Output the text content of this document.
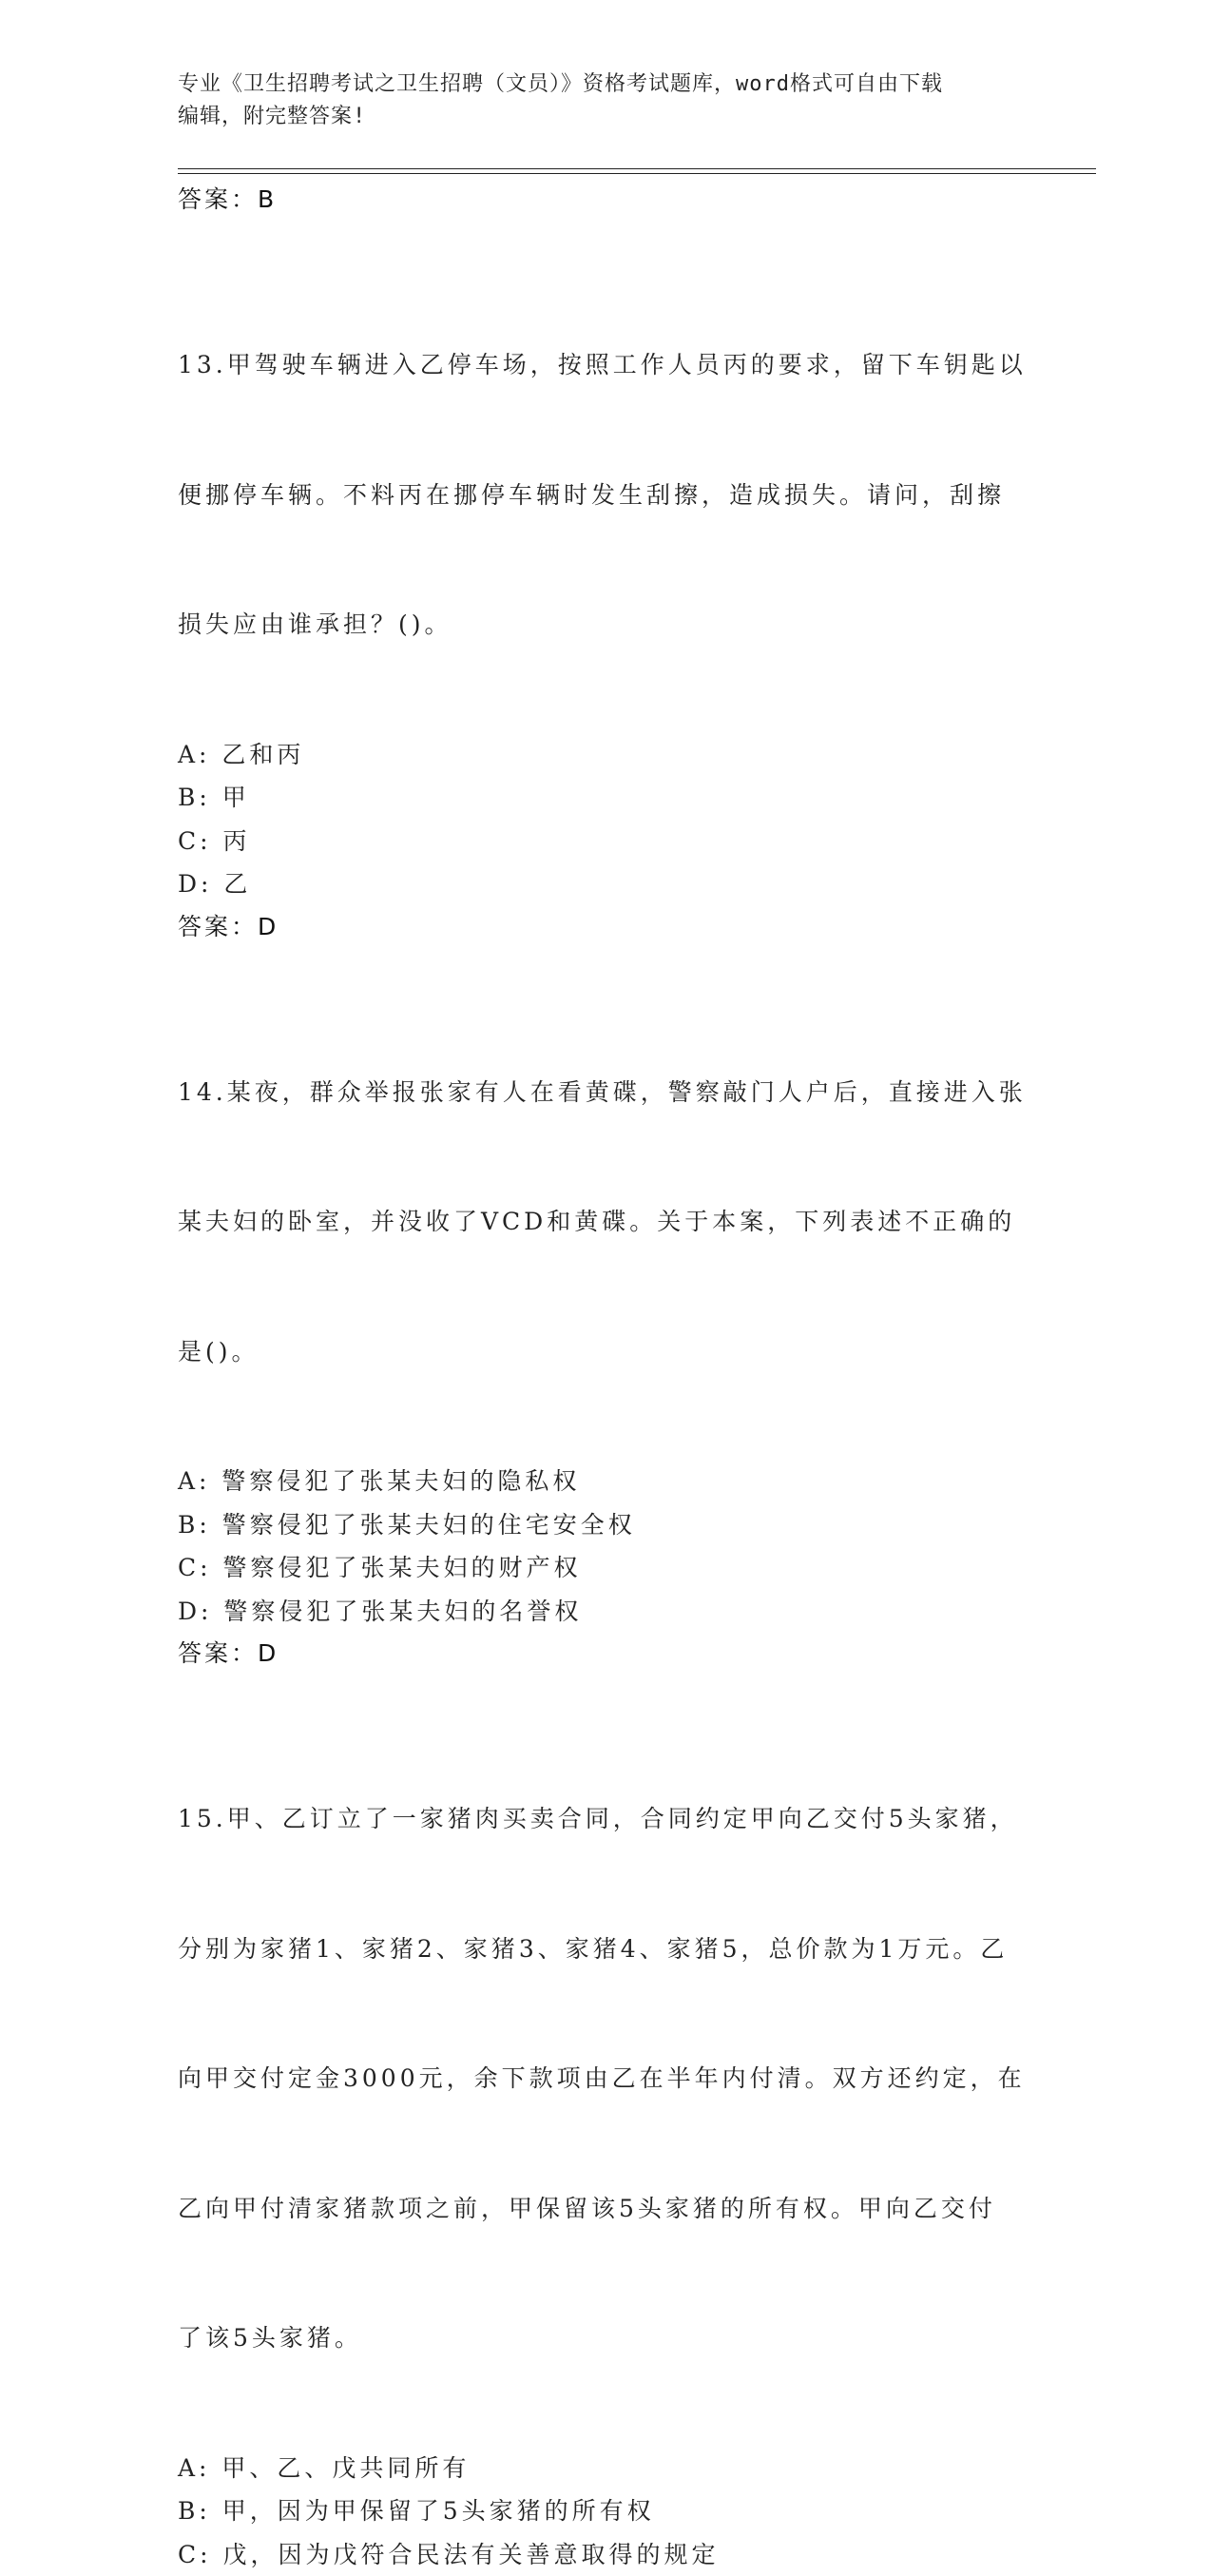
专业《卫生招聘考试之卫生招聘（文员）》资格考试题库，word格式可自由下载
编辑，附完整答案!
答案：B

13.甲驾驶车辆进入乙停车场，按照工作人员丙的要求，留下车钥匙以

便挪停车辆。不料丙在挪停车辆时发生刮擦，造成损失。请问，刮擦

损失应由谁承担？()。

A: 乙和丙
B: 甲
C: 丙
D: 乙
答案：D

14.某夜，群众举报张家有人在看黄碟，警察敲门人户后，直接进入张

某夫妇的卧室，并没收了VCD和黄碟。关于本案，下列表述不正确的

是()。

A: 警察侵犯了张某夫妇的隐私权
B: 警察侵犯了张某夫妇的住宅安全权
C: 警察侵犯了张某夫妇的财产权
D: 警察侵犯了张某夫妇的名誉权
答案：D

15.甲、乙订立了一家猪肉买卖合同，合同约定甲向乙交付5头家猪，

分别为家猪1、家猪2、家猪3、家猪4、家猪5，总价款为1万元。乙

向甲交付定金3000元，余下款项由乙在半年内付清。双方还约定，在

乙向甲付清家猪款项之前，甲保留该5头家猪的所有权。甲向乙交付

了该5头家猪。

A: 甲、乙、戊共同所有
B: 甲，因为甲保留了5头家猪的所有权
C: 戊，因为戊符合民法有关善意取得的规定
